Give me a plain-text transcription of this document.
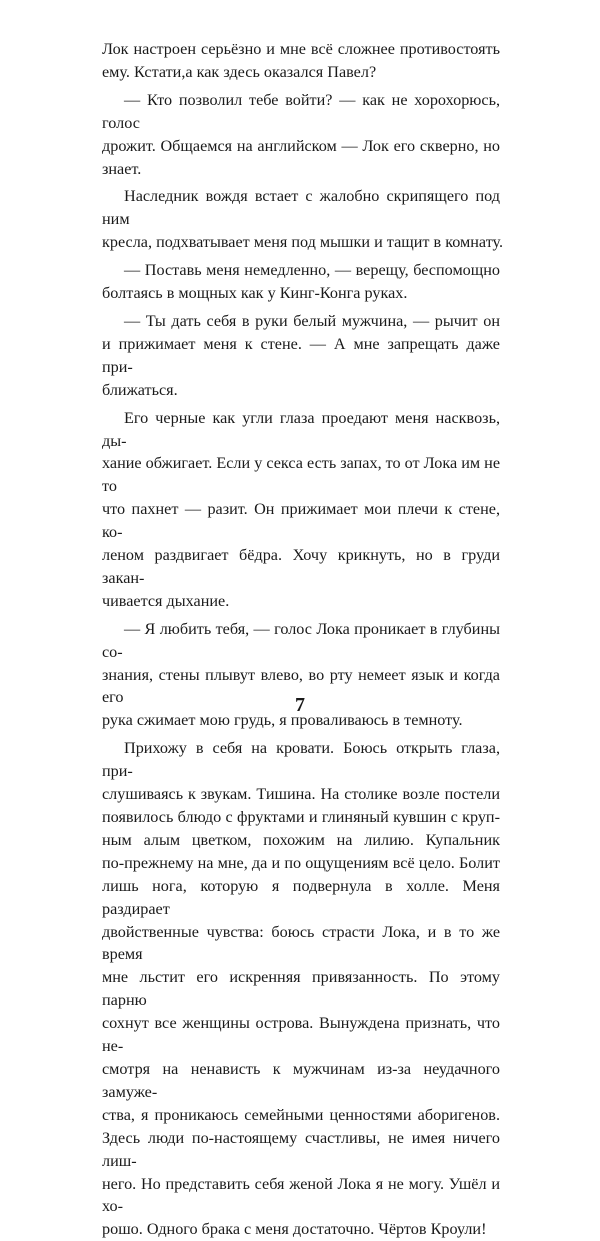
Лок настроен серьёзно и мне всё сложнее противостоять
ему. Кстати,а как здесь оказался Павел?
— Кто позволил тебе войти? — как не хорохорюсь, голос
дрожит. Общаемся на английском — Лок его скверно, но
знает.
Наследник вождя встает с жалобно скрипящего под ним
кресла, подхватывает меня под мышки и тащит в комнату.
— Поставь меня немедленно, — верещу, беспомощно
болтаясь в мощных как у Кинг-Конга руках.
— Ты дать себя в руки белый мужчина, — рычит он
и прижимает меня к стене. — А мне запрещать даже при-
ближаться.
Его черные как угли глаза проедают меня насквозь, ды-
хание обжигает. Если у секса есть запах, то от Лока им не то
что пахнет — разит. Он прижимает мои плечи к стене, ко-
леном раздвигает бёдра. Хочу крикнуть, но в груди закан-
чивается дыхание.
— Я любить тебя, — голос Лока проникает в глубины со-
знания, стены плывут влево, во рту немеет язык и когда его
рука сжимает мою грудь, я проваливаюсь в темноту.
Прихожу в себя на кровати. Боюсь открыть глаза, при-
слушиваясь к звукам. Тишина. На столике возле постели
появилось блюдо с фруктами и глиняный кувшин с круп-
ным алым цветком, похожим на лилию. Купальник
по-прежнему на мне, да и по ощущениям всё цело. Болит
лишь нога, которую я подвернула в холле. Меня раздирает
двойственные чувства: боюсь страсти Лока, и в то же время
мне льстит его искренняя привязанность. По этому парню
сохнут все женщины острова. Вынуждена признать, что не-
смотря на ненависть к мужчинам из-за неудачного замуже-
ства, я проникаюсь семейными ценностями аборигенов.
Здесь люди по-настоящему счастливы, не имея ничего лиш-
него. Но представить себя женой Лока я не могу. Ушёл и хо-
рошо. Одного брака с меня достаточно. Чёртов Кроули!
7
